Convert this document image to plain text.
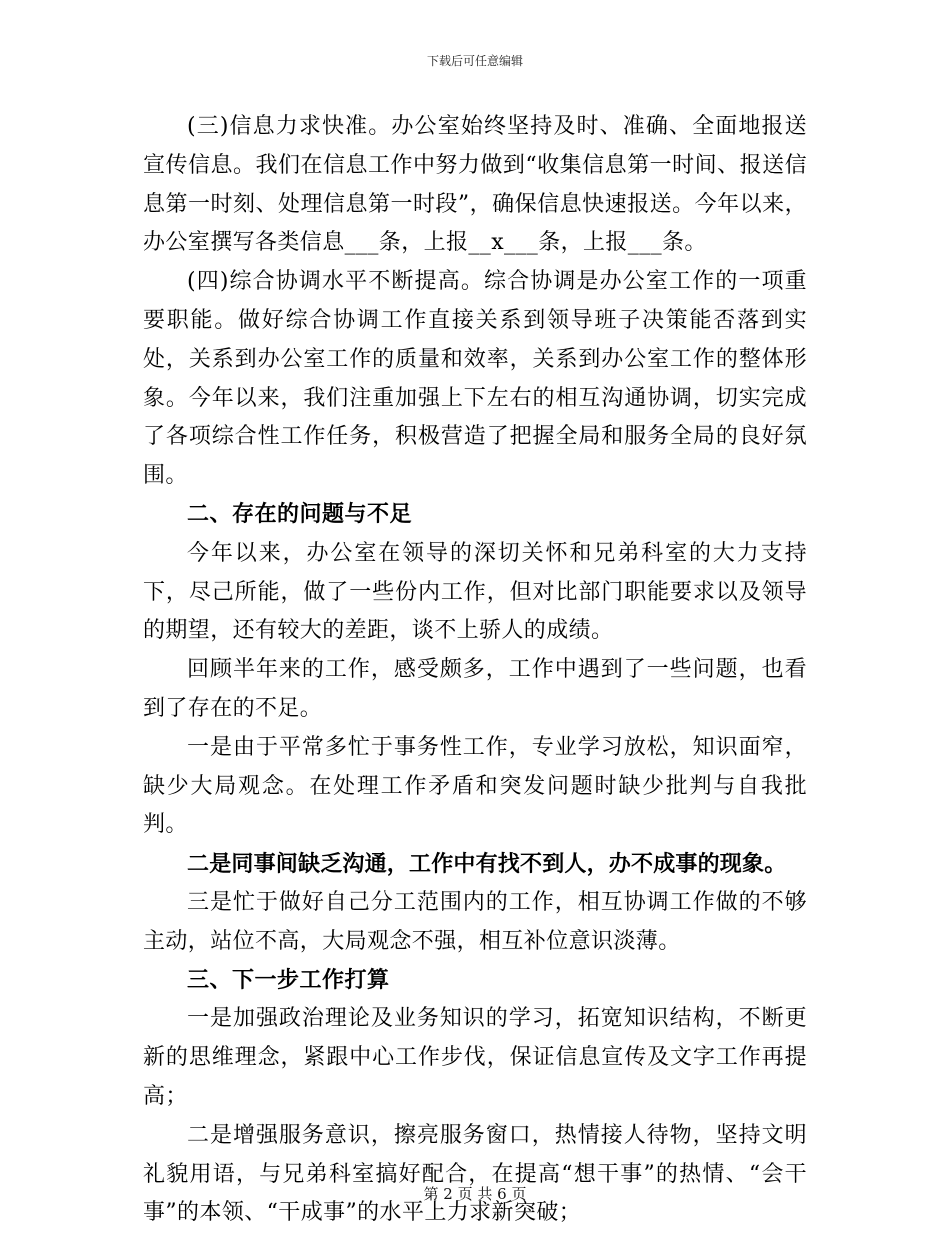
下载后可任意编辑

(三)信息力求快准。办公室始终坚持及时、准确、全面地报送宣传信息。我们在信息工作中努力做到“收集信息第一时间、报送信息第一时刻、处理信息第一时段”，确保信息快速报送。今年以来，办公室撰写各类信息___条，上报__x___条，上报___条。

(四)综合协调水平不断提高。综合协调是办公室工作的一项重要职能。做好综合协调工作直接关系到领导班子决策能否落到实处，关系到办公室工作的质量和效率，关系到办公室工作的整体形象。今年以来，我们注重加强上下左右的相互沟通协调，切实完成了各项综合性工作任务，积极营造了把握全局和服务全局的良好氛围。

二、存在的问题与不足

今年以来，办公室在领导的深切关怀和兄弟科室的大力支持下，尽己所能，做了一些份内工作，但对比部门职能要求以及领导的期望，还有较大的差距，谈不上骄人的成绩。

回顾半年来的工作，感受颇多，工作中遇到了一些问题，也看到了存在的不足。

一是由于平常多忙于事务性工作，专业学习放松，知识面窄，缺少大局观念。在处理工作矛盾和突发问题时缺少批判与自我批判。

二是同事间缺乏沟通，工作中有找不到人，办不成事的现象。

三是忙于做好自己分工范围内的工作，相互协调工作做的不够主动，站位不高，大局观念不强，相互补位意识淡薄。

三、下一步工作打算

一是加强政治理论及业务知识的学习，拓宽知识结构，不断更新的思维理念，紧跟中心工作步伐，保证信息宣传及文字工作再提高；

二是增强服务意识，擦亮服务窗口，热情接人待物，坚持文明礼貌用语，与兄弟科室搞好配合，在提高“想干事”的热情、“会干事”的本领、“干成事”的水平上力求新突破；

第 2 页 共 6 页
